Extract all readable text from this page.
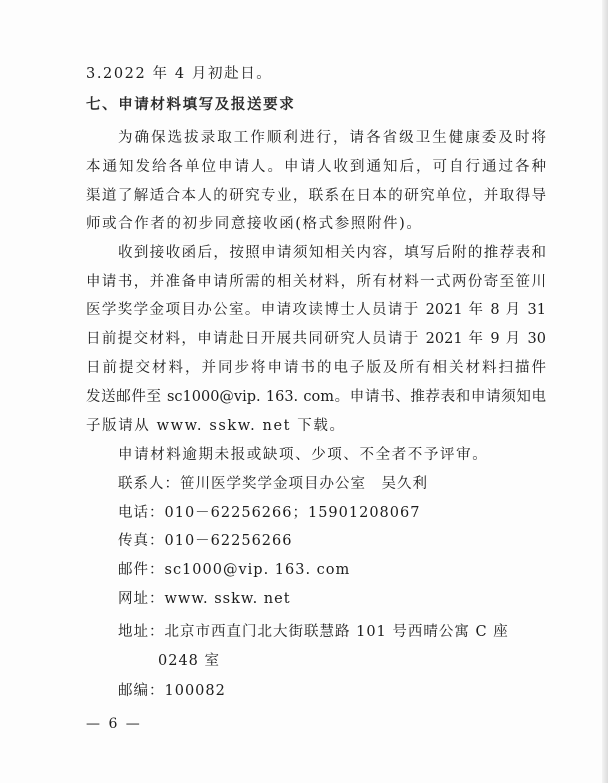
3.2022 年 4 月初赴日。
七、申请材料填写及报送要求
为确保选拔录取工作顺利进行，请各省级卫生健康委及时将
本通知发给各单位申请人。申请人收到通知后，可自行通过各种
渠道了解适合本人的研究专业，联系在日本的研究单位，并取得导
师或合作者的初步同意接收函(格式参照附件)。
收到接收函后，按照申请须知相关内容，填写后附的推荐表和
申请书，并准备申请所需的相关材料，所有材料一式两份寄至笹川
医学奖学金项目办公室。申请攻读博士人员请于 2021 年 8 月 31
日前提交材料，申请赴日开展共同研究人员请于 2021 年 9 月 30
日前提交材料，并同步将申请书的电子版及所有相关材料扫描件
发送邮件至 sc1000@vip. 163. com。申请书、推荐表和申请须知电
子版请从 www. sskw. net 下载。
申请材料逾期未报或缺项、少项、不全者不予评审。
联系人：笹川医学奖学金项目办公室　吴久利
电话：010－62256266；15901208067
传真：010－62256266
邮件：sc1000@vip. 163. com
网址：www. sskw. net
地址：北京市西直门北大街联慧路 101 号西晴公寓 C 座
0248 室
邮编：100082
— 6 —
